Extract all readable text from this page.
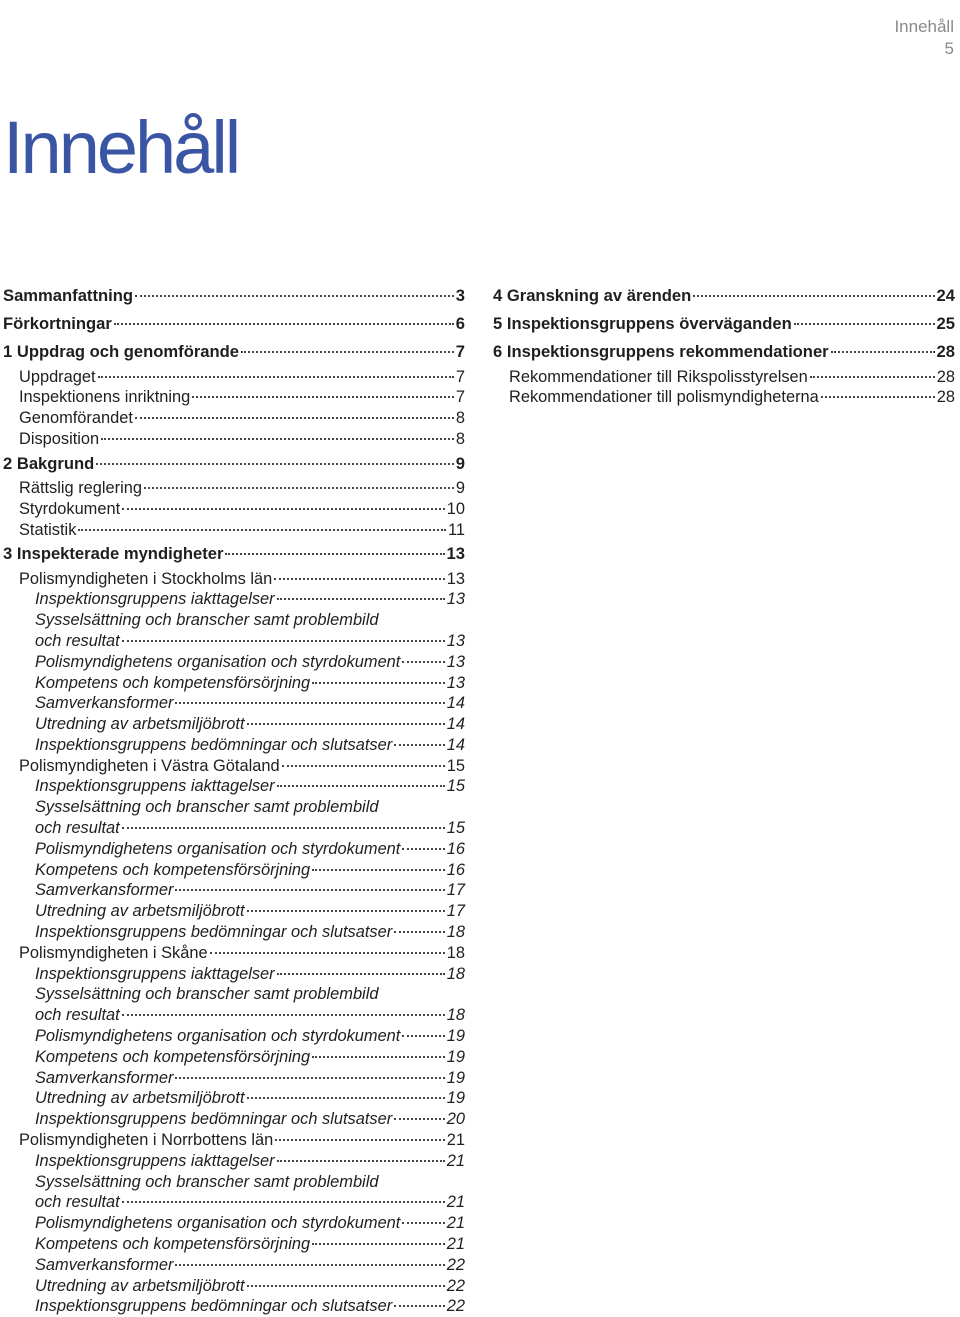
Innehåll
5
Innehåll
Sammanfattning	3
Förkortningar	6
1 Uppdrag och genomförande	7
Uppdraget	7
Inspektionens inriktning	7
Genomförandet	8
Disposition	8
2 Bakgrund	9
Rättslig reglering	9
Styrdokument	10
Statistik	11
3 Inspekterade myndigheter	13
Polismyndigheten i Stockholms län	13
Inspektionsgruppens iakttagelser	13
Sysselsättning och branscher samt problembild
och resultat	13
Polismyndighetens organisation och styrdokument	13
Kompetens och kompetensförsörjning	13
Samverkansformer	14
Utredning av arbetsmiljöbrott	14
Inspektionsgruppens bedömningar och slutsatser	14
Polismyndigheten i Västra Götaland	15
Inspektionsgruppens iakttagelser	15
Sysselsättning och branscher samt problembild
och resultat	15
Polismyndighetens organisation och styrdokument	16
Kompetens och kompetensförsörjning	16
Samverkansformer	17
Utredning av arbetsmiljöbrott	17
Inspektionsgruppens bedömningar och slutsatser	18
Polismyndigheten i Skåne	18
Inspektionsgruppens iakttagelser	18
Sysselsättning och branscher samt problembild
och resultat	18
Polismyndighetens organisation och styrdokument	19
Kompetens och kompetensförsörjning	19
Samverkansformer	19
Utredning av arbetsmiljöbrott	19
Inspektionsgruppens bedömningar och slutsatser	20
Polismyndigheten i Norrbottens län	21
Inspektionsgruppens iakttagelser	21
Sysselsättning och branscher samt problembild
och resultat	21
Polismyndighetens organisation och styrdokument	21
Kompetens och kompetensförsörjning	21
Samverkansformer	22
Utredning av arbetsmiljöbrott	22
Inspektionsgruppens bedömningar och slutsatser	22
4 Granskning av ärenden	24
5 Inspektionsgruppens överväganden	25
6 Inspektionsgruppens rekommendationer	28
Rekommendationer till Rikspolisstyrelsen	28
Rekommendationer till polismyndigheterna	28
